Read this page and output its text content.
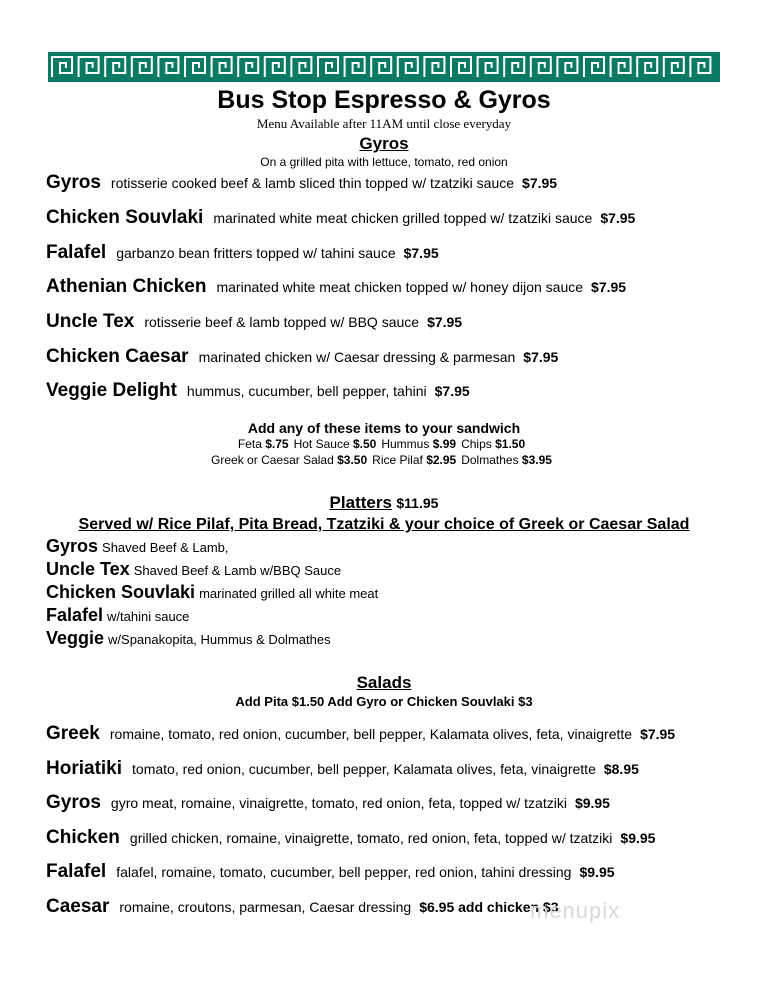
Bus Stop Espresso & Gyros
Menu Available after 11AM until close everyday
Gyros
On a grilled pita with lettuce, tomato, red onion
Gyros rotisserie cooked beef & lamb sliced thin topped w/ tzatziki sauce $7.95
Chicken Souvlaki marinated white meat chicken grilled topped w/ tzatziki sauce $7.95
Falafel garbanzo bean fritters topped w/ tahini sauce $7.95
Athenian Chicken marinated white meat chicken topped w/ honey dijon sauce $7.95
Uncle Tex rotisserie beef & lamb topped w/ BBQ sauce $7.95
Chicken Caesar marinated chicken w/ Caesar dressing & parmesan $7.95
Veggie Delight hummus, cucumber, bell pepper, tahini $7.95
Add any of these items to your sandwich
Feta $.75 Hot Sauce $.50 Hummus $.99 Chips $1.50
Greek or Caesar Salad $3.50 Rice Pilaf $2.95 Dolmathes $3.95
Platters $11.95
Served w/ Rice Pilaf, Pita Bread, Tzatziki & your choice of Greek or Caesar Salad
Gyros Shaved Beef & Lamb,
Uncle Tex Shaved Beef & Lamb w/BBQ Sauce
Chicken Souvlaki marinated grilled all white meat
Falafel w/tahini sauce
Veggie w/Spanakopita, Hummus & Dolmathes
Salads
Add Pita $1.50 Add Gyro or Chicken Souvlaki $3
Greek romaine, tomato, red onion, cucumber, bell pepper, Kalamata olives, feta, vinaigrette $7.95
Horiatiki tomato, red onion, cucumber, bell pepper, Kalamata olives, feta, vinaigrette $8.95
Gyros gyro meat, romaine, vinaigrette, tomato, red onion, feta, topped w/ tzatziki $9.95
Chicken grilled chicken, romaine, vinaigrette, tomato, red onion, feta, topped w/ tzatziki $9.95
Falafel falafel, romaine, tomato, cucumber, bell pepper, red onion, tahini dressing $9.95
Caesar romaine, croutons, parmesan, Caesar dressing $6.95 add chicken $3
menupix
